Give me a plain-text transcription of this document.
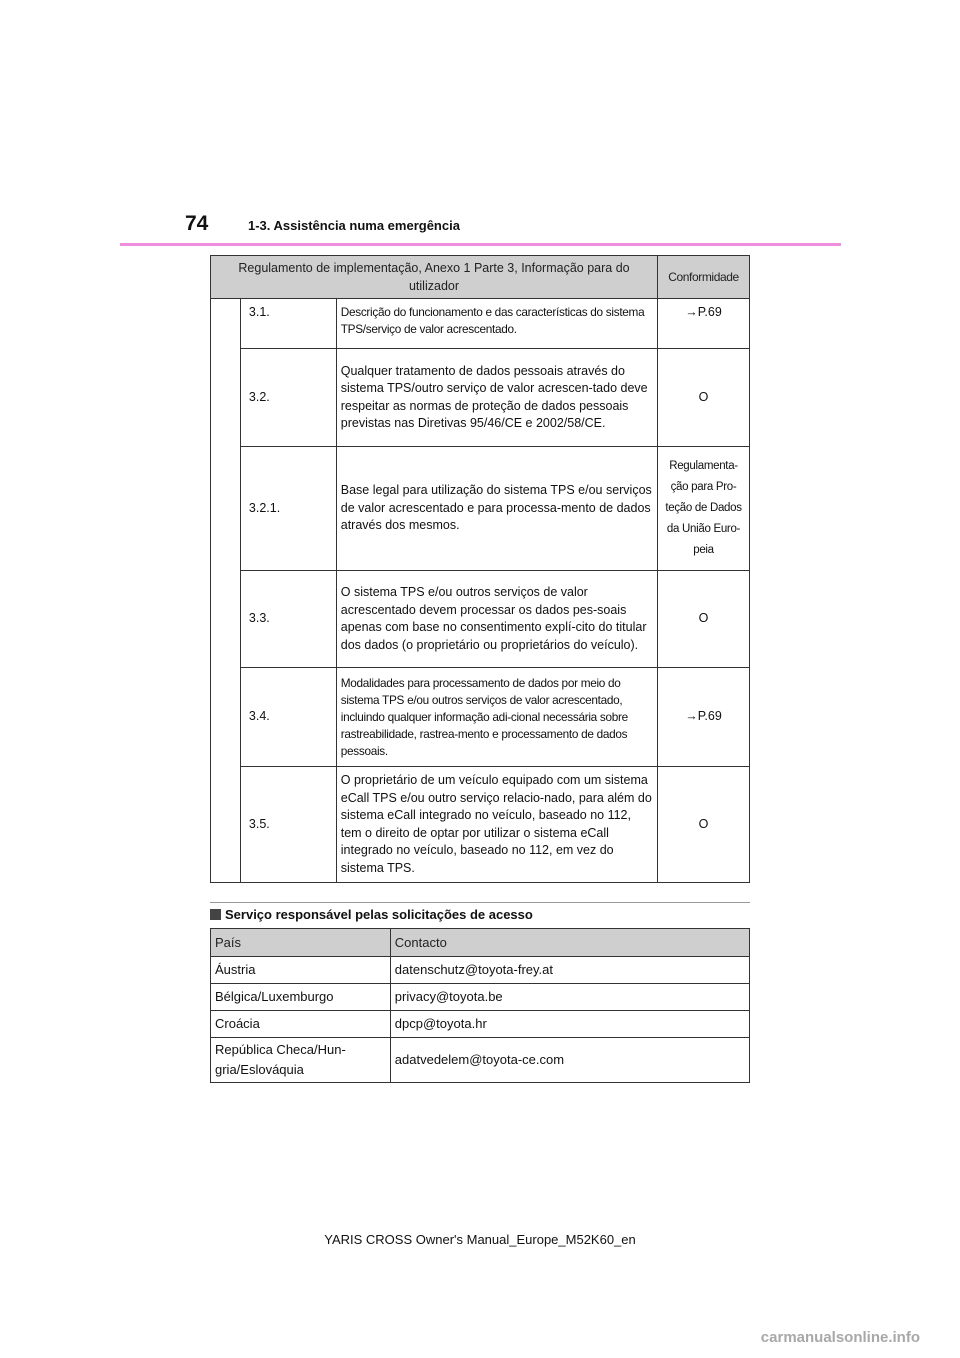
74	1-3. Assistência numa emergência
Regulamento de implementação, Anexo 1 Parte 3, Informação para do utilizador			Conformidade
	3.1.	Descrição do funcionamento e das características do sistema TPS/serviço de valor acrescentado.	→P.69
	3.2.	Qualquer tratamento de dados pessoais através do sistema TPS/outro serviço de valor acrescen-tado deve respeitar as normas de proteção de dados pessoais previstas nas Diretivas 95/46/CE e 2002/58/CE.	O
	3.2.1.	Base legal para utilização do sistema TPS e/ou serviços de valor acrescentado e para processa-mento de dados através dos mesmos.	Regulamenta-ção para Pro-teção de Dados da União Euro-peia
	3.3.	O sistema TPS e/ou outros serviços de valor acrescentado devem processar os dados pes-soais apenas com base no consentimento explí-cito do titular dos dados (o proprietário ou proprietários do veículo).	O
	3.4.	Modalidades para processamento de dados por meio do sistema TPS e/ou outros serviços de valor acrescentado, incluindo qualquer informação adi-cional necessária sobre rastreabilidade, rastrea-mento e processamento de dados pessoais.	→P.69
	3.5.	O proprietário de um veículo equipado com um sistema eCall TPS e/ou outro serviço relacio-nado, para além do sistema eCall integrado no veículo, baseado no 112, tem o direito de optar por utilizar o sistema eCall integrado no veículo, baseado no 112, em vez do sistema TPS.	O
Serviço responsável pelas solicitações de acesso
País	Contacto
Áustria	datenschutz@toyota-frey.at
Bélgica/Luxemburgo	privacy@toyota.be
Croácia	dpcp@toyota.hr
República Checa/Hun-gria/Eslováquia	adatvedelem@toyota-ce.com
YARIS CROSS Owner's Manual_Europe_M52K60_en
carmanualsonline.info
